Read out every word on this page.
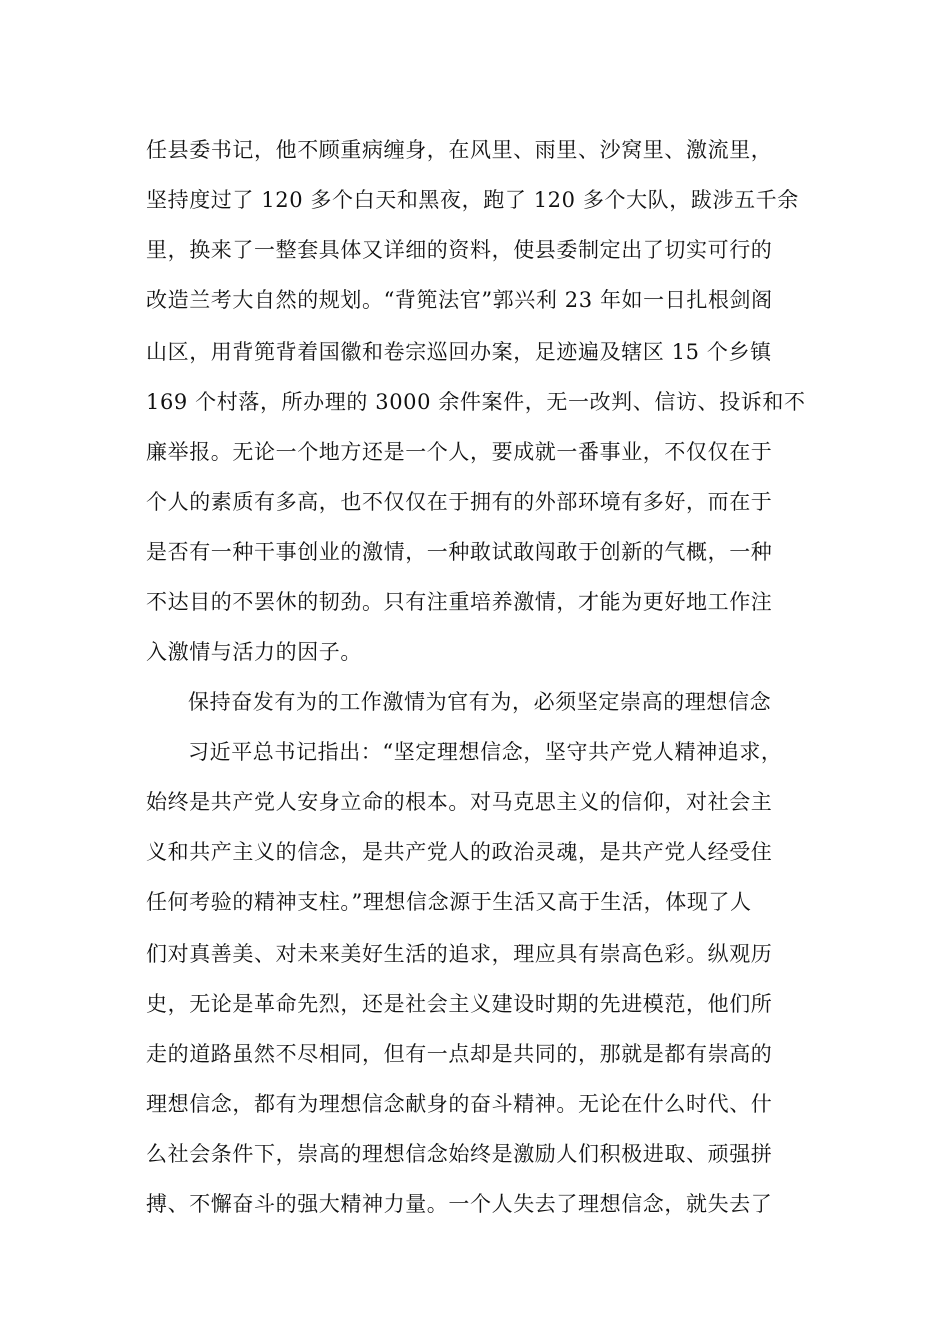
任县委书记，他不顾重病缠身，在风里、雨里、沙窝里、激流里，
坚持度过了 120 多个白天和黑夜，跑了 120 多个大队，跋涉五千余
里，换来了一整套具体又详细的资料，使县委制定出了切实可行的
改造兰考大自然的规划。“背篼法官”郭兴利 23 年如一日扎根剑阁
山区，用背篼背着国徽和卷宗巡回办案，足迹遍及辖区 15 个乡镇
169 个村落，所办理的 3000 余件案件，无一改判、信访、投诉和不
廉举报。无论一个地方还是一个人，要成就一番事业，不仅仅在于
个人的素质有多高，也不仅仅在于拥有的外部环境有多好，而在于
是否有一种干事创业的激情，一种敢试敢闯敢于创新的气概，一种
不达目的不罢休的韧劲。只有注重培养激情，才能为更好地工作注
入激情与活力的因子。
保持奋发有为的工作激情为官有为，必须坚定崇高的理想信念
习近平总书记指出：“坚定理想信念，坚守共产党人精神追求，
始终是共产党人安身立命的根本。对马克思主义的信仰，对社会主
义和共产主义的信念，是共产党人的政治灵魂，是共产党人经受住
任何考验的精神支柱。”理想信念源于生活又高于生活，体现了人
们对真善美、对未来美好生活的追求，理应具有崇高色彩。纵观历
史，无论是革命先烈，还是社会主义建设时期的先进模范，他们所
走的道路虽然不尽相同，但有一点却是共同的，那就是都有崇高的
理想信念，都有为理想信念献身的奋斗精神。无论在什么时代、什
么社会条件下，崇高的理想信念始终是激励人们积极进取、顽强拼
搏、不懈奋斗的强大精神力量。一个人失去了理想信念，就失去了
